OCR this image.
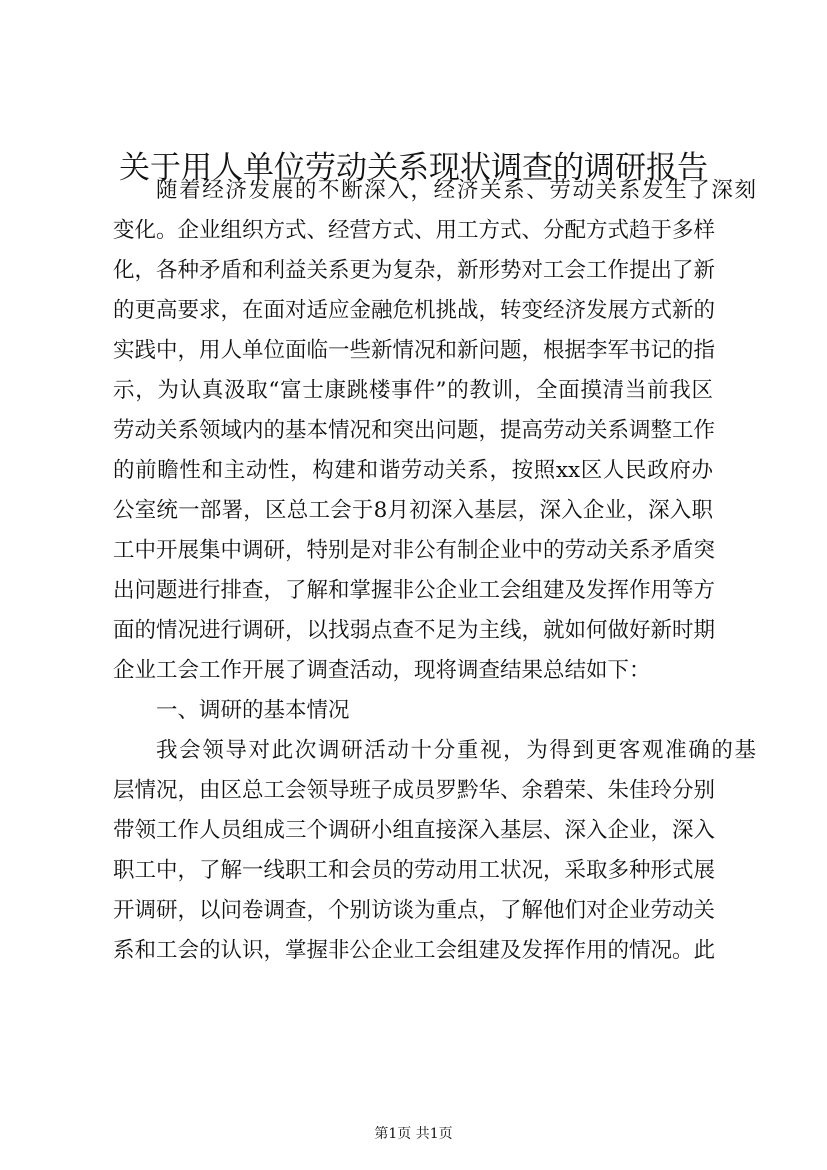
关于用人单位劳动关系现状调查的调研报告
随着经济发展的不断深入，经济关系、劳动关系发生了深刻
变化。企业组织方式、经营方式、用工方式、分配方式趋于多样
化，各种矛盾和利益关系更为复杂，新形势对工会工作提出了新
的更高要求，在面对适应金融危机挑战，转变经济发展方式新的
实践中，用人单位面临一些新情况和新问题，根据李军书记的指
示，为认真汲取“富士康跳楼事件”的教训，全面摸清当前我区
劳动关系领域内的基本情况和突出问题，提高劳动关系调整工作
的前瞻性和主动性，构建和谐劳动关系，按照xx区人民政府办
公室统一部署，区总工会于8月初深入基层，深入企业，深入职
工中开展集中调研，特别是对非公有制企业中的劳动关系矛盾突
出问题进行排查，了解和掌握非公企业工会组建及发挥作用等方
面的情况进行调研，以找弱点查不足为主线，就如何做好新时期
企业工会工作开展了调查活动，现将调查结果总结如下：
一、调研的基本情况
我会领导对此次调研活动十分重视，为得到更客观准确的基
层情况，由区总工会领导班子成员罗黔华、余碧荣、朱佳玲分别
带领工作人员组成三个调研小组直接深入基层、深入企业，深入
职工中，了解一线职工和会员的劳动用工状况，采取多种形式展
开调研，以问卷调查，个别访谈为重点，了解他们对企业劳动关
系和工会的认识，掌握非公企业工会组建及发挥作用的情况。此
第1页 共1页
